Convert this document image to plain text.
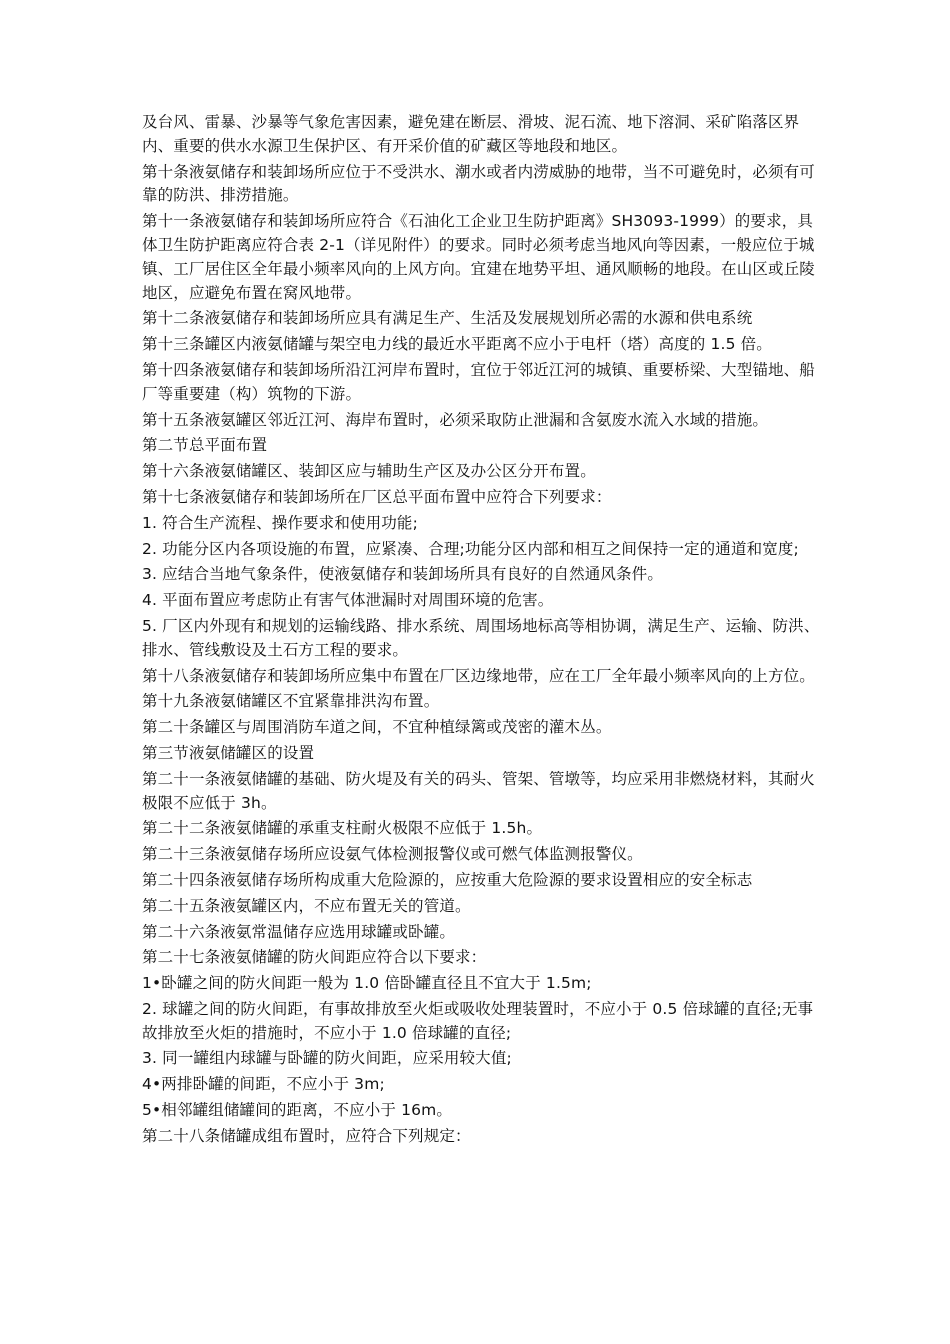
及台风、雷暴、沙暴等气象危害因素，避免建在断层、滑坡、泥石流、地下溶洞、采矿陷落区界内、重要的供水水源卫生保护区、有开采价值的矿藏区等地段和地区。

第十条液氨储存和装卸场所应位于不受洪水、潮水或者内涝威胁的地带，当不可避免时，必须有可靠的防洪、排涝措施。

第十一条液氨储存和装卸场所应符合《石油化工企业卫生防护距离》SH3093-1999）的要求，具体卫生防护距离应符合表 2-1（详见附件）的要求。同时必须考虑当地风向等因素，一般应位于城镇、工厂居住区全年最小频率风向的上风方向。宜建在地势平坦、通风顺畅的地段。在山区或丘陵地区，应避免布置在窝风地带。

第十二条液氨储存和装卸场所应具有满足生产、生活及发展规划所必需的水源和供电系统

第十三条罐区内液氨储罐与架空电力线的最近水平距离不应小于电杆（塔）高度的 1.5 倍。

第十四条液氨储存和装卸场所沿江河岸布置时，宜位于邻近江河的城镇、重要桥梁、大型锚地、船厂等重要建（构）筑物的下游。

第十五条液氨罐区邻近江河、海岸布置时，必须采取防止泄漏和含氨废水流入水域的措施。

第二节总平面布置

第十六条液氨储罐区、装卸区应与辅助生产区及办公区分开布置。

第十七条液氨储存和装卸场所在厂区总平面布置中应符合下列要求：

1. 符合生产流程、操作要求和使用功能;

2. 功能分区内各项设施的布置，应紧凑、合理;功能分区内部和相互之间保持一定的通道和宽度;

3. 应结合当地气象条件，使液氨储存和装卸场所具有良好的自然通风条件。

4. 平面布置应考虑防止有害气体泄漏时对周围环境的危害。

5. 厂区内外现有和规划的运输线路、排水系统、周围场地标高等相协调，满足生产、运输、防洪、排水、管线敷设及土石方工程的要求。

第十八条液氨储存和装卸场所应集中布置在厂区边缘地带，应在工厂全年最小频率风向的上方位。

第十九条液氨储罐区不宜紧靠排洪沟布置。

第二十条罐区与周围消防车道之间，不宜种植绿篱或茂密的灌木丛。

第三节液氨储罐区的设置

第二十一条液氨储罐的基础、防火堤及有关的码头、管架、管墩等，均应采用非燃烧材料，其耐火极限不应低于 3h。

第二十二条液氨储罐的承重支柱耐火极限不应低于 1.5h。

第二十三条液氨储存场所应设氨气体检测报警仪或可燃气体监测报警仪。

第二十四条液氨储存场所构成重大危险源的，应按重大危险源的要求设置相应的安全标志

第二十五条液氨罐区内，不应布置无关的管道。

第二十六条液氨常温储存应选用球罐或卧罐。

第二十七条液氨储罐的防火间距应符合以下要求：

1•卧罐之间的防火间距一般为 1.0 倍卧罐直径且不宜大于 1.5m;

2. 球罐之间的防火间距，有事故排放至火炬或吸收处理装置时，不应小于 0.5 倍球罐的直径;无事故排放至火炬的措施时，不应小于 1.0 倍球罐的直径;

3. 同一罐组内球罐与卧罐的防火间距，应采用较大值;

4•两排卧罐的间距，不应小于 3m;

5•相邻罐组储罐间的距离，不应小于 16m。

第二十八条储罐成组布置时，应符合下列规定：
